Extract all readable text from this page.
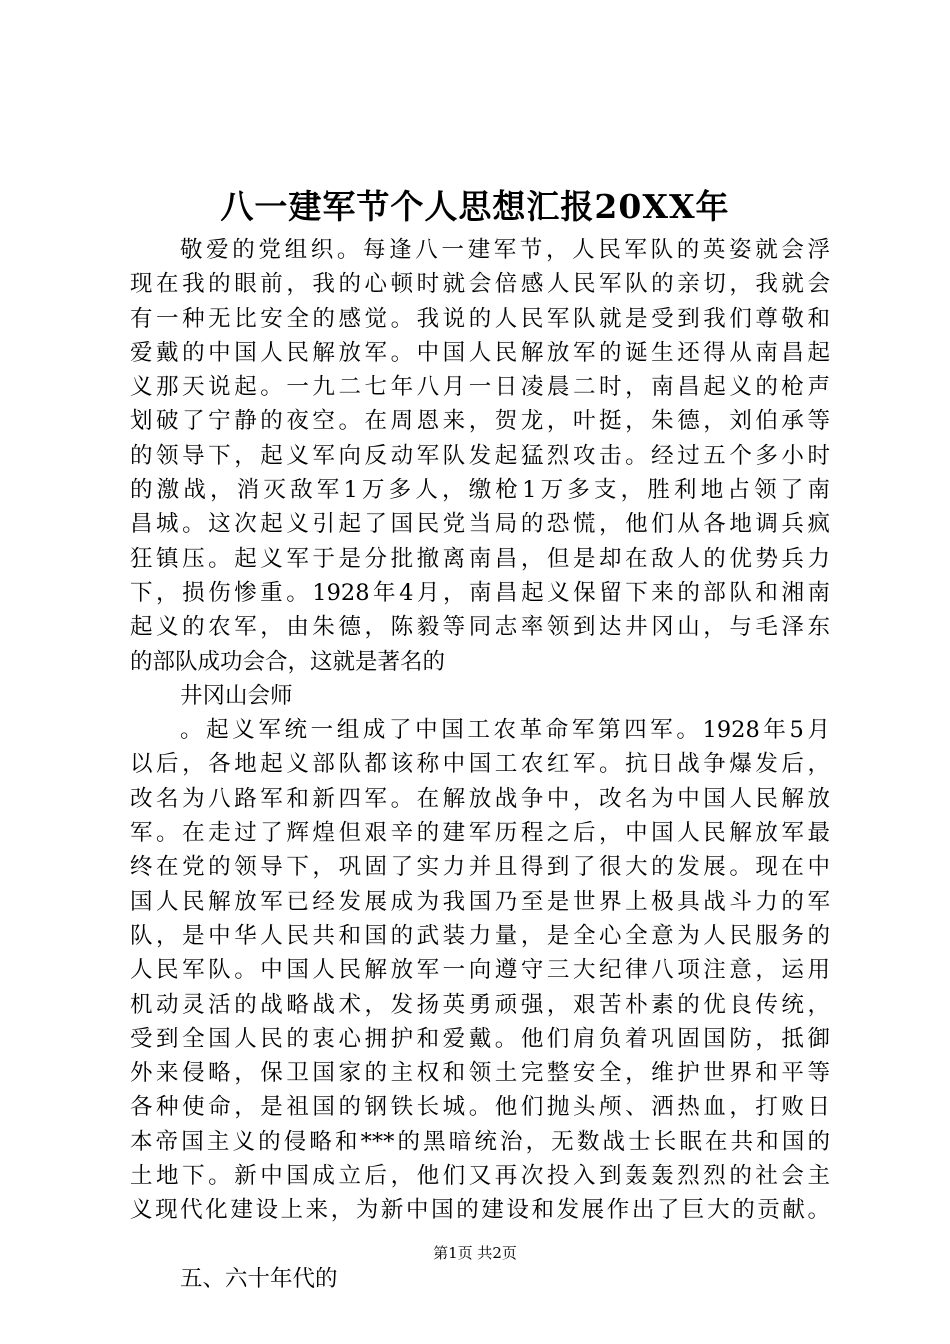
八一建军节个人思想汇报20XX年
敬爱的党组织。每逢八一建军节，人民军队的英姿就会浮
现在我的眼前，我的心顿时就会倍感人民军队的亲切，我就会
有一种无比安全的感觉。我说的人民军队就是受到我们尊敬和
爱戴的中国人民解放军。中国人民解放军的诞生还得从南昌起
义那天说起。一九二七年八月一日凌晨二时，南昌起义的枪声
划破了宁静的夜空。在周恩来，贺龙，叶挺，朱德，刘伯承等
的领导下，起义军向反动军队发起猛烈攻击。经过五个多小时
的激战，消灭敌军1万多人，缴枪1万多支，胜利地占领了南
昌城。这次起义引起了国民党当局的恐慌，他们从各地调兵疯
狂镇压。起义军于是分批撤离南昌，但是却在敌人的优势兵力
下，损伤惨重。1928年4月，南昌起义保留下来的部队和湘南
起义的农军，由朱德，陈毅等同志率领到达井冈山，与毛泽东
的部队成功会合，这就是著名的
井冈山会师
。起义军统一组成了中国工农革命军第四军。1928年5月
以后，各地起义部队都该称中国工农红军。抗日战争爆发后，
改名为八路军和新四军。在解放战争中，改名为中国人民解放
军。在走过了辉煌但艰辛的建军历程之后，中国人民解放军最
终在党的领导下，巩固了实力并且得到了很大的发展。现在中
国人民解放军已经发展成为我国乃至是世界上极具战斗力的军
队，是中华人民共和国的武装力量，是全心全意为人民服务的
人民军队。中国人民解放军一向遵守三大纪律八项注意，运用
机动灵活的战略战术，发扬英勇顽强，艰苦朴素的优良传统，
受到全国人民的衷心拥护和爱戴。他们肩负着巩固国防，抵御
外来侵略，保卫国家的主权和领土完整安全，维护世界和平等
各种使命，是祖国的钢铁长城。他们抛头颅、洒热血，打败日
本帝国主义的侵略和***的黑暗统治，无数战士长眠在共和国的
土地下。新中国成立后，他们又再次投入到轰轰烈烈的社会主
义现代化建设上来，为新中国的建设和发展作出了巨大的贡献。
五、六十年代的
第1页 共2页
